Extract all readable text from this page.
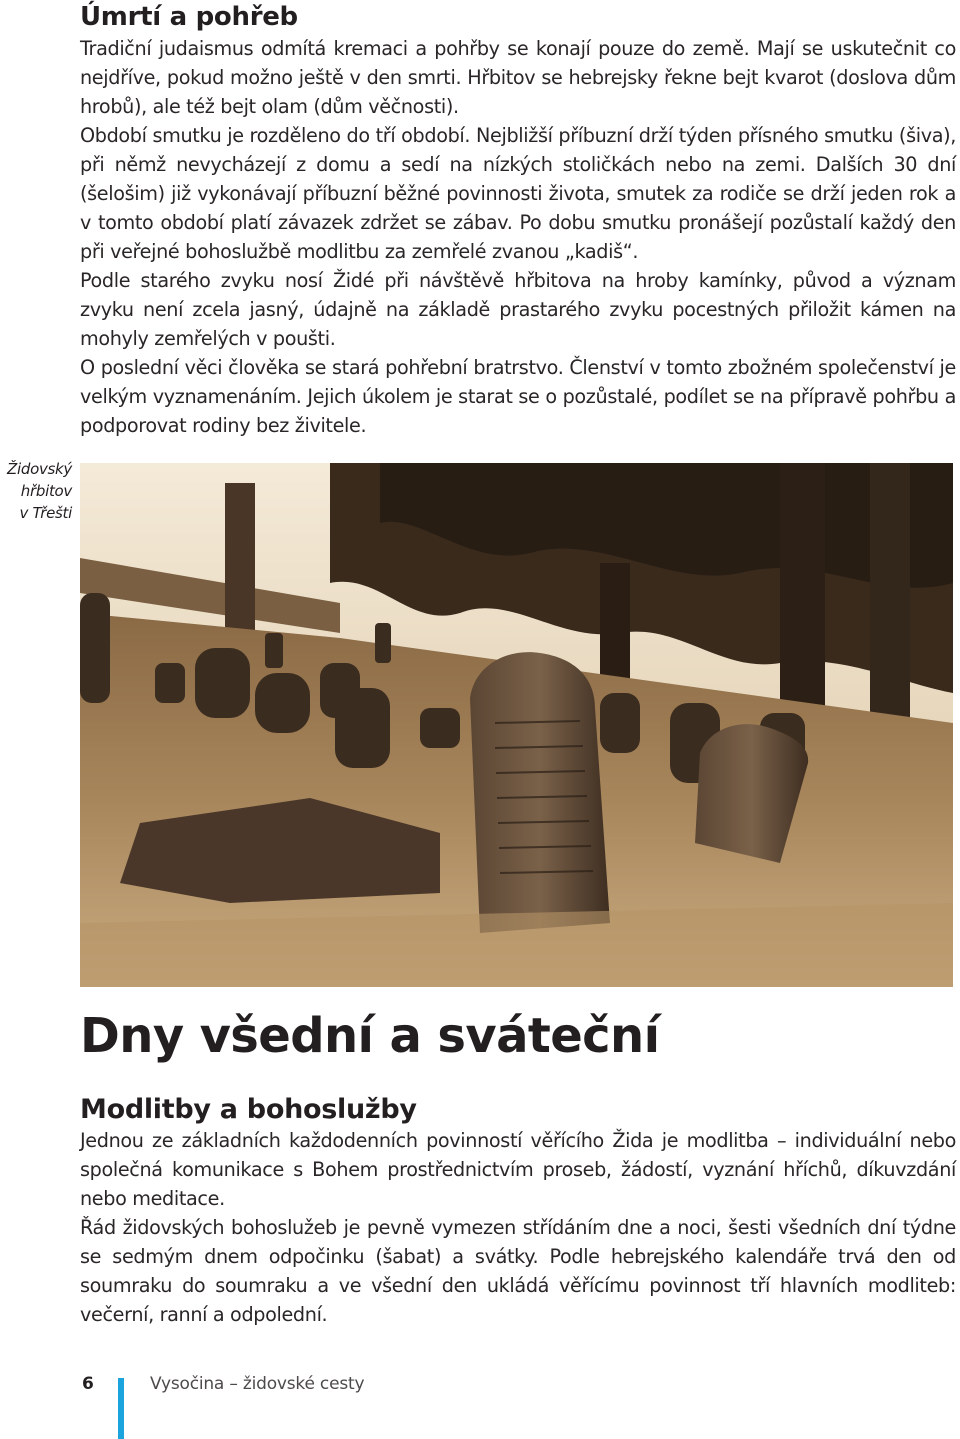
Úmrtí a pohřeb

Tradiční judaismus odmítá kremaci a pohřby se konají pouze do země. Mají se uskutečnit co nejdříve, pokud možno ještě v den smrti. Hřbitov se hebrejsky řekne bejt kvarot (doslova dům hrobů), ale též bejt olam (dům věčnosti).

Období smutku je rozděleno do tří období. Nejbližší příbuzní drží týden přísného smutku (šiva), při němž nevycházejí z domu a sedí na nízkých stoličkách nebo na zemi. Dalších 30 dní (šelošim) již vykonávají příbuzní běžné povinnosti života, smutek za rodiče se drží jeden rok a v tomto období platí závazek zdržet se zábav. Po dobu smutku pronášejí pozůstalí každý den při veřejné bohoslužbě modlitbu za zemřelé zvanou „kadiš“.

Podle starého zvyku nosí Židé při návštěvě hřbitova na hroby kamínky, původ a význam zvyku není zcela jasný, údajně na základě prastarého zvyku pocestných přiložit kámen na mohyly zemřelých v poušti.

O poslední věci člověka se stará pohřební bratrstvo. Členství v tomto zbožném společenství je velkým vyznamenáním. Jejich úkolem je starat se o pozůstalé, podílet se na přípravě pohřbu a podporovat rodiny bez živitele.

Židovský
hřbitov
v Třešti
Dny všední a sváteční
Modlitby a bohoslužby

Jednou ze základních každodenních povinností věřícího Žida je modlitba – individuální nebo společná komunikace s Bohem prostřednictvím proseb, žádostí, vyznání hříchů, díkuvzdání nebo meditace.

Řád židovských bohoslužeb je pevně vymezen střídáním dne a noci, šesti všedních dní týdne se sedmým dnem odpočinku (šabat) a svátky. Podle hebrejského kalendáře trvá den od soumraku do soumraku a ve všední den ukládá věřícímu povinnost tří hlavních modliteb: večerní, ranní a odpolední.

6	Vysočina – židovské cesty
